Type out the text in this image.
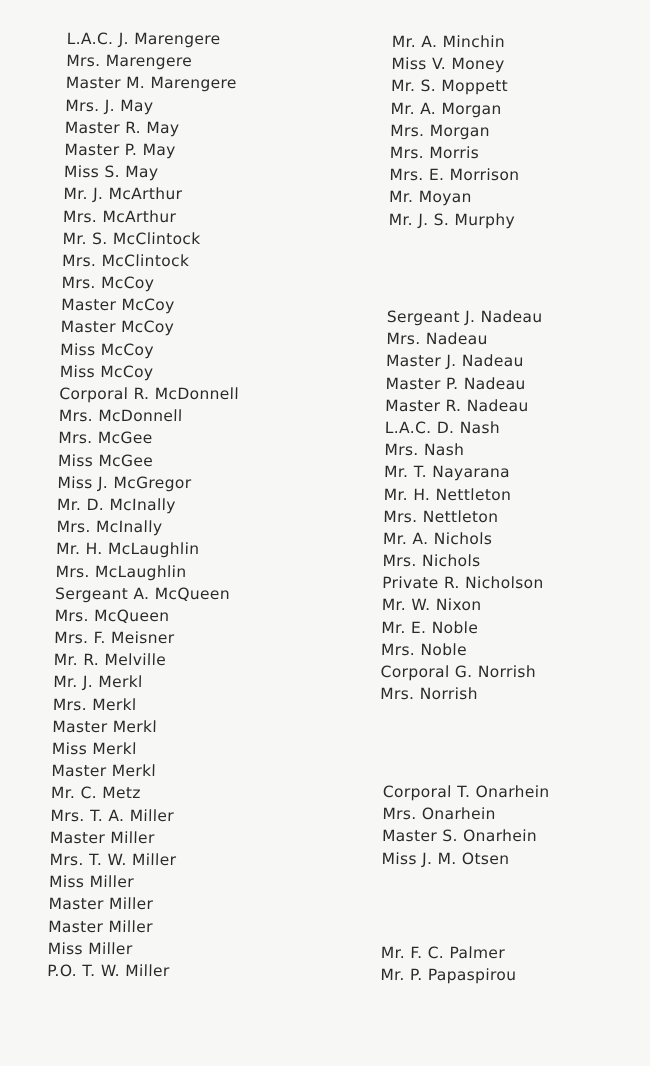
L.A.C. J. Marengere
Mrs. Marengere
Master M. Marengere
Mrs. J. May
Master R. May
Master P. May
Miss S. May
Mr. J. McArthur
Mrs. McArthur
Mr. S. McClintock
Mrs. McClintock
Mrs. McCoy
Master McCoy
Master McCoy
Miss McCoy
Miss McCoy
Corporal R. McDonnell
Mrs. McDonnell
Mrs. McGee
Miss McGee
Miss J. McGregor
Mr. D. McInally
Mrs. McInally
Mr. H. McLaughlin
Mrs. McLaughlin
Sergeant A. McQueen
Mrs. McQueen
Mrs. F. Meisner
Mr. R. Melville
Mr. J. Merkl
Mrs. Merkl
Master Merkl
Miss Merkl
Master Merkl
Mr. C. Metz
Mrs. T. A. Miller
Master Miller
Mrs. T. W. Miller
Miss Miller
Master Miller
Master Miller
Miss Miller
P.O. T. W. Miller
Mr. A. Minchin
Miss V. Money
Mr. S. Moppett
Mr. A. Morgan
Mrs. Morgan
Mrs. Morris
Mrs. E. Morrison
Mr. Moyan
Mr. J. S. Murphy
Sergeant J. Nadeau
Mrs. Nadeau
Master J. Nadeau
Master P. Nadeau
Master R. Nadeau
L.A.C. D. Nash
Mrs. Nash
Mr. T. Nayarana
Mr. H. Nettleton
Mrs. Nettleton
Mr. A. Nichols
Mrs. Nichols
Private R. Nicholson
Mr. W. Nixon
Mr. E. Noble
Mrs. Noble
Corporal G. Norrish
Mrs. Norrish
Corporal T. Onarhein
Mrs. Onarhein
Master S. Onarhein
Miss J. M. Otsen
Mr. F. C. Palmer
Mr. P. Papaspirou
